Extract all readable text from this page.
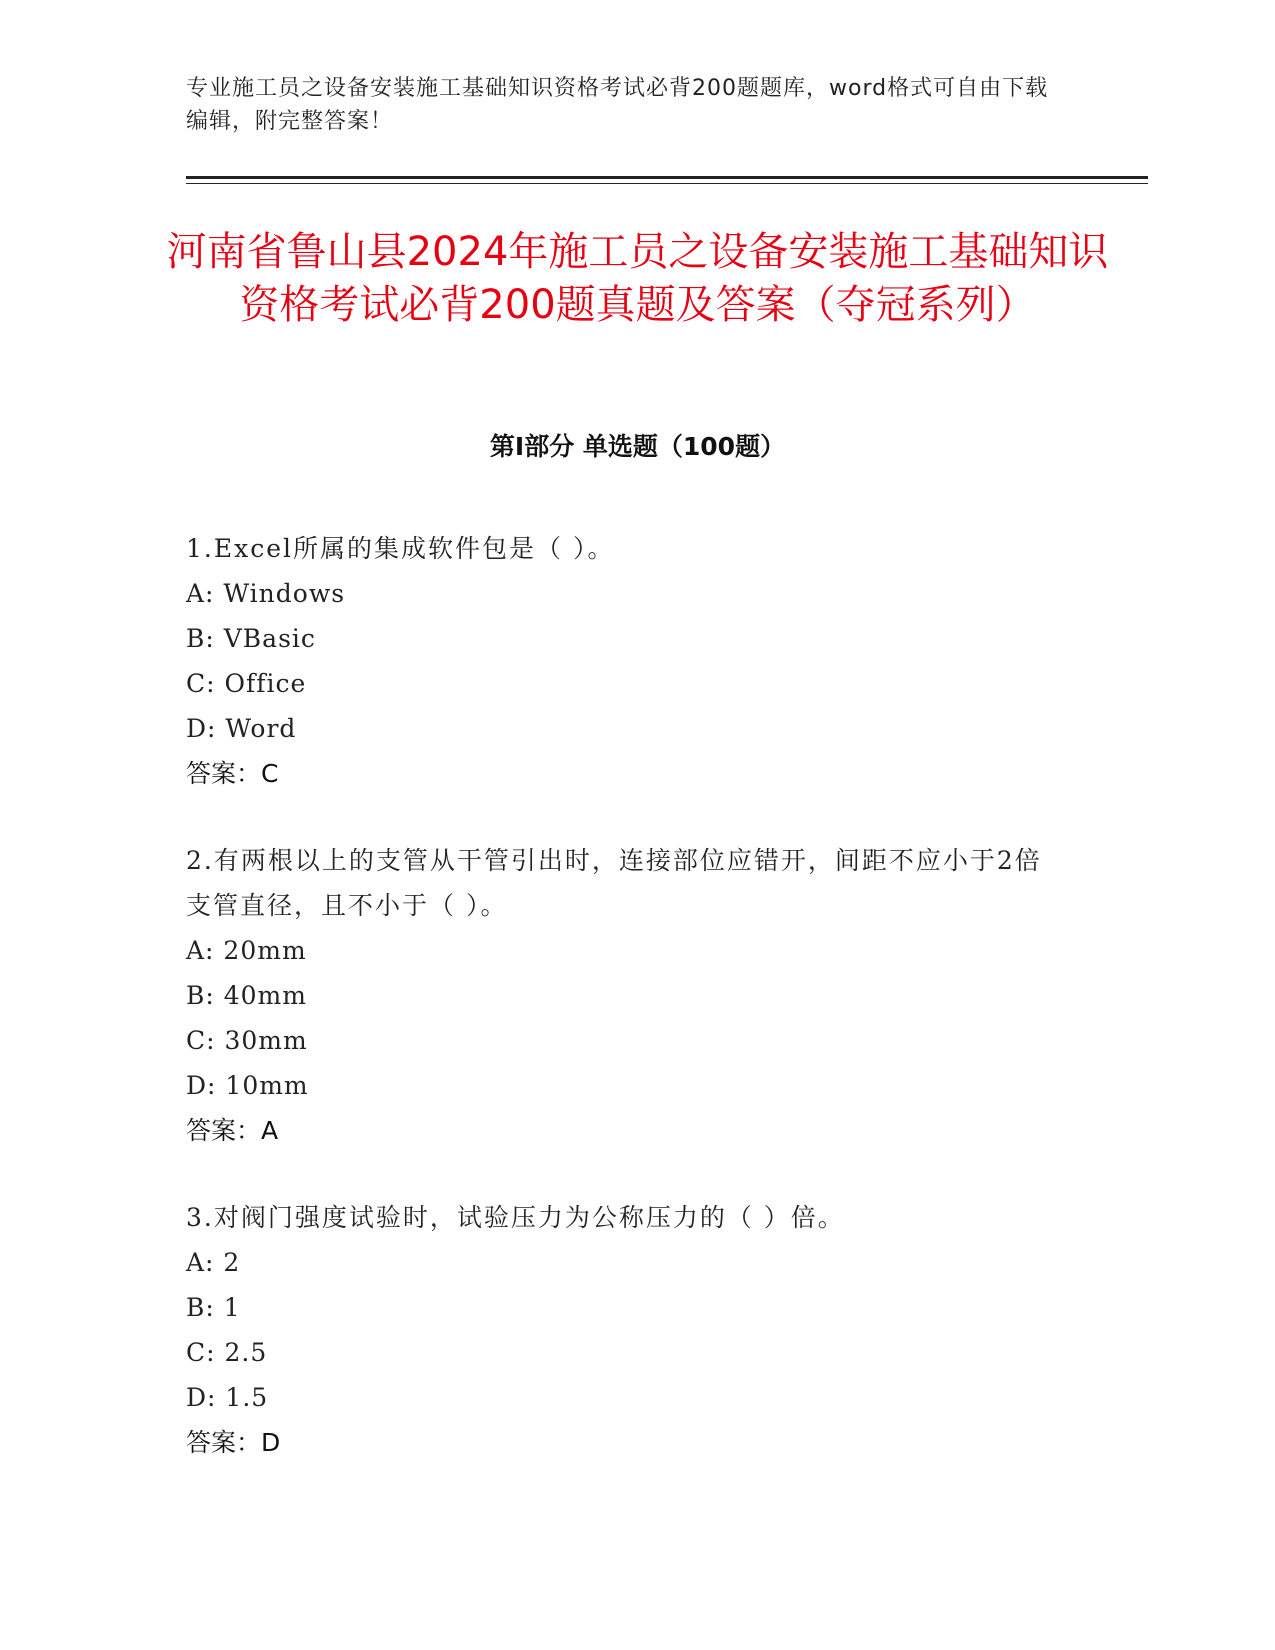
专业施工员之设备安装施工基础知识资格考试必背200题题库，word格式可自由下载编辑，附完整答案！
河南省鲁山县2024年施工员之设备安装施工基础知识资格考试必背200题真题及答案（夺冠系列）
第Ⅰ部分 单选题（100题）

1.Excel所属的集成软件包是（ ）。

A: Windows

B: VBasic

C: Office

D: Word

答案：C

2.有两根以上的支管从干管引出时，连接部位应错开，间距不应小于2倍支管直径，且不小于（ ）。

A: 20mm

B: 40mm

C: 30mm

D: 10mm

答案：A

3.对阀门强度试验时，试验压力为公称压力的（ ）倍。

A: 2

B: 1

C: 2.5

D: 1.5

答案：D
